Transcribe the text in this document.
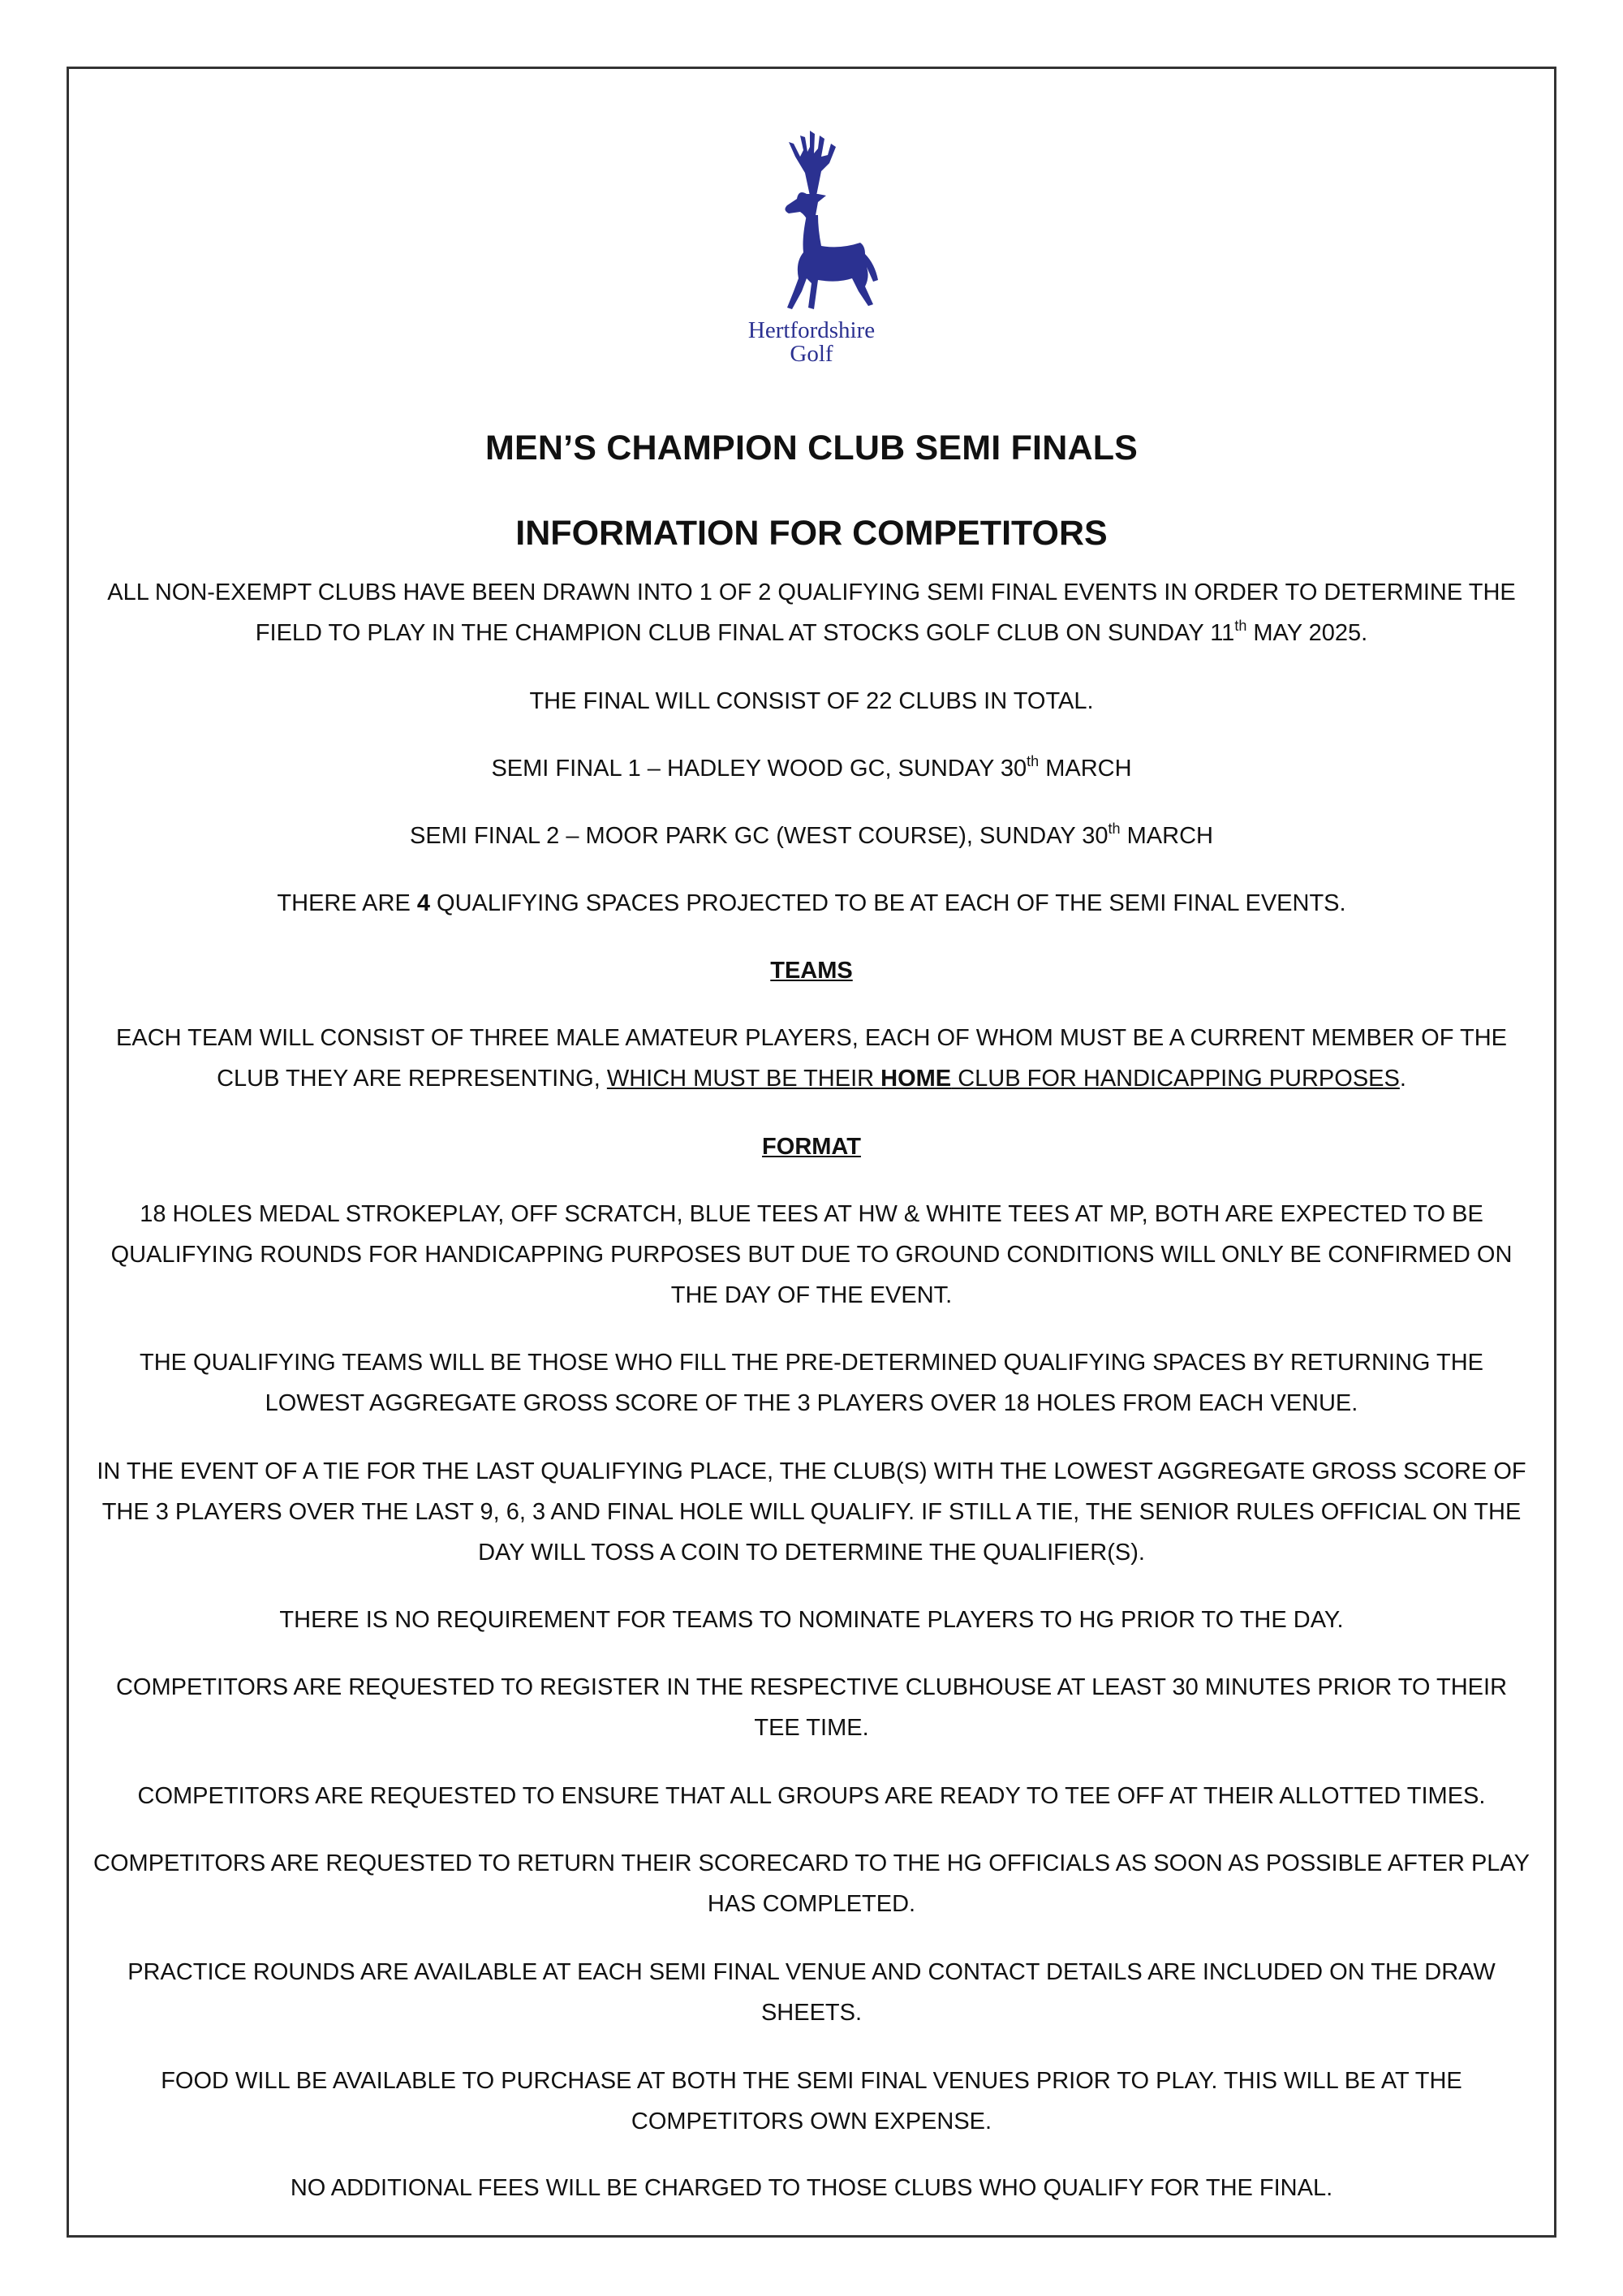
Hertfordshire
Golf
MEN’S CHAMPION CLUB SEMI FINALS
INFORMATION FOR COMPETITORS

ALL NON-EXEMPT CLUBS HAVE BEEN DRAWN INTO 1 OF 2 QUALIFYING SEMI FINAL EVENTS IN ORDER TO DETERMINE THE FIELD TO PLAY IN THE CHAMPION CLUB FINAL AT STOCKS GOLF CLUB ON SUNDAY 11th MAY 2025.

THE FINAL WILL CONSIST OF 22 CLUBS IN TOTAL.

SEMI FINAL 1 – HADLEY WOOD GC, SUNDAY 30th MARCH

SEMI FINAL 2 – MOOR PARK GC (WEST COURSE), SUNDAY 30th MARCH

THERE ARE 4 QUALIFYING SPACES PROJECTED TO BE AT EACH OF THE SEMI FINAL EVENTS.

TEAMS

EACH TEAM WILL CONSIST OF THREE MALE AMATEUR PLAYERS, EACH OF WHOM MUST BE A CURRENT MEMBER OF THE CLUB THEY ARE REPRESENTING, WHICH MUST BE THEIR HOME CLUB FOR HANDICAPPING PURPOSES.

FORMAT

18 HOLES MEDAL STROKEPLAY, OFF SCRATCH, BLUE TEES AT HW & WHITE TEES AT MP, BOTH ARE EXPECTED TO BE QUALIFYING ROUNDS FOR HANDICAPPING PURPOSES BUT DUE TO GROUND CONDITIONS WILL ONLY BE CONFIRMED ON THE DAY OF THE EVENT.

THE QUALIFYING TEAMS WILL BE THOSE WHO FILL THE PRE-DETERMINED QUALIFYING SPACES BY RETURNING THE LOWEST AGGREGATE GROSS SCORE OF THE 3 PLAYERS OVER 18 HOLES FROM EACH VENUE.

IN THE EVENT OF A TIE FOR THE LAST QUALIFYING PLACE, THE CLUB(S) WITH THE LOWEST AGGREGATE GROSS SCORE OF THE 3 PLAYERS OVER THE LAST 9, 6, 3 AND FINAL HOLE WILL QUALIFY. IF STILL A TIE, THE SENIOR RULES OFFICIAL ON THE DAY WILL TOSS A COIN TO DETERMINE THE QUALIFIER(S).

THERE IS NO REQUIREMENT FOR TEAMS TO NOMINATE PLAYERS TO HG PRIOR TO THE DAY.

COMPETITORS ARE REQUESTED TO REGISTER IN THE RESPECTIVE CLUBHOUSE AT LEAST 30 MINUTES PRIOR TO THEIR TEE TIME.

COMPETITORS ARE REQUESTED TO ENSURE THAT ALL GROUPS ARE READY TO TEE OFF AT THEIR ALLOTTED TIMES.

COMPETITORS ARE REQUESTED TO RETURN THEIR SCORECARD TO THE HG OFFICIALS AS SOON AS POSSIBLE AFTER PLAY HAS COMPLETED.

PRACTICE ROUNDS ARE AVAILABLE AT EACH SEMI FINAL VENUE AND CONTACT DETAILS ARE INCLUDED ON THE DRAW SHEETS.

FOOD WILL BE AVAILABLE TO PURCHASE AT BOTH THE SEMI FINAL VENUES PRIOR TO PLAY. THIS WILL BE AT THE COMPETITORS OWN EXPENSE.

NO ADDITIONAL FEES WILL BE CHARGED TO THOSE CLUBS WHO QUALIFY FOR THE FINAL.
